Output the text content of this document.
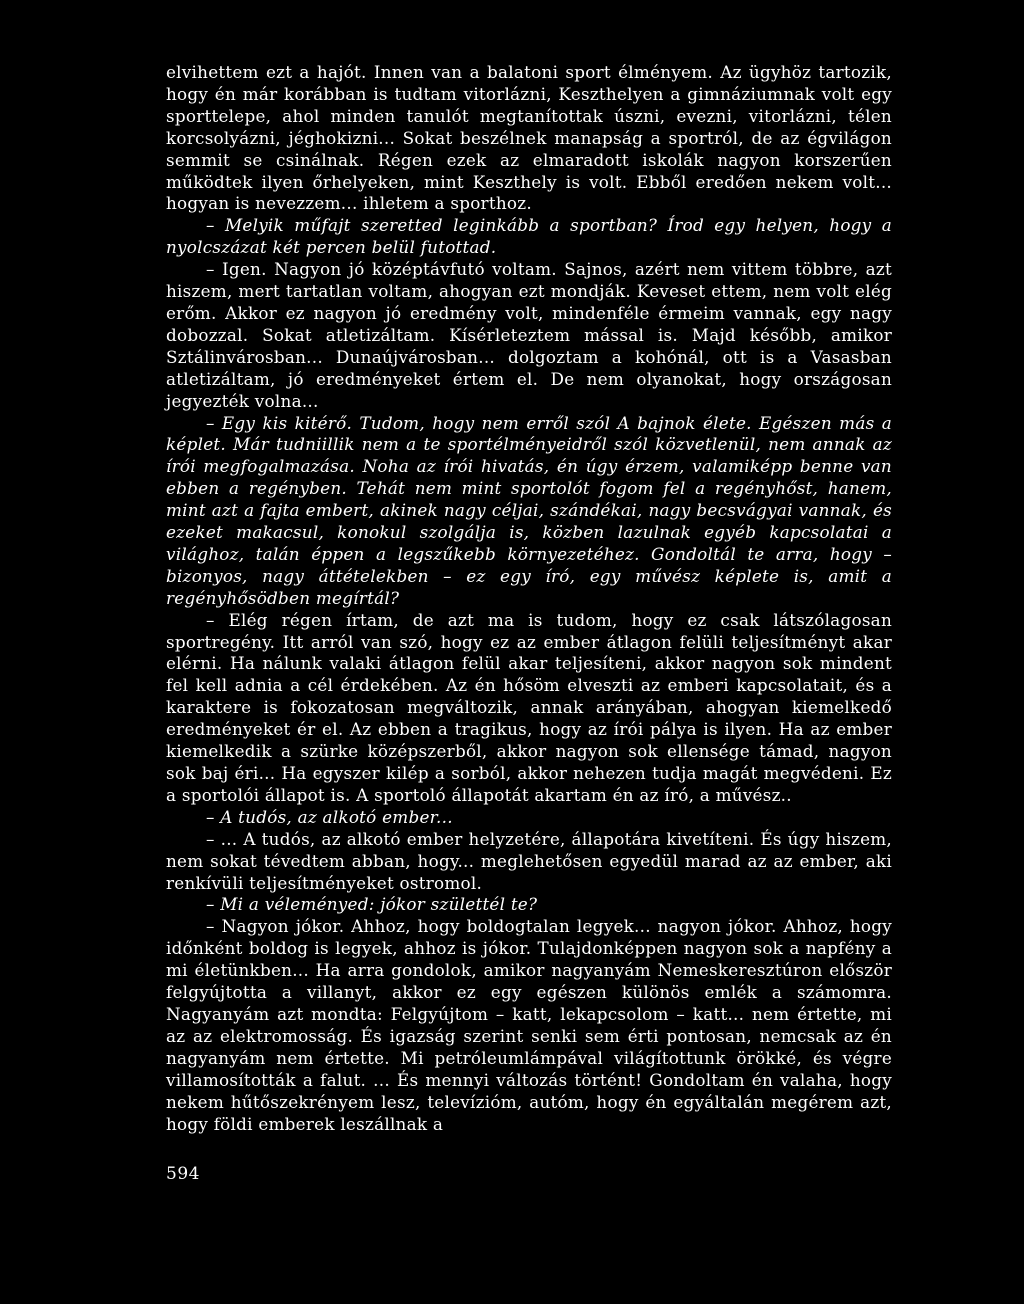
elvihettem ezt a hajót. Innen van a balatoni sport élményem. Az ügyhöz tartozik, hogy én már korábban is tudtam vitorlázni, Keszthelyen a gimnáziumnak volt egy sporttelepe, ahol minden tanulót megtanítottak úszni, evezni, vitorlázni, télen korcsolyázni, jéghokizni... Sokat beszélnek manapság a sportról, de az égvilágon semmit se csinálnak. Régen ezek az elmaradott iskolák nagyon korszerűen működtek ilyen őrhelyeken, mint Keszthely is volt. Ebből eredően nekem volt... hogyan is nevezzem... ihletem a sporthoz.

– Melyik műfajt szeretted leginkább a sportban? Írod egy helyen, hogy a nyolcszázat két percen belül futottad.

– Igen. Nagyon jó középtávfutó voltam. Sajnos, azért nem vittem többre, azt hiszem, mert tartatlan voltam, ahogyan ezt mondják. Keveset ettem, nem volt elég erőm. Akkor ez nagyon jó eredmény volt, mindenféle érmeim vannak, egy nagy dobozzal. Sokat atletizáltam. Kísérleteztem mással is. Majd később, amikor Sztálinvárosban... Dunaújvárosban... dolgoztam a kohónál, ott is a Vasasban atletizáltam, jó eredményeket értem el. De nem olyanokat, hogy országosan jegyezték volna...

– Egy kis kitérő. Tudom, hogy nem erről szól A bajnok élete. Egészen más a képlet. Már tudniillik nem a te sportélményeidről szól közvetlenül, nem annak az írói megfogalmazása. Noha az írói hivatás, én úgy érzem, valamiképp benne van ebben a regényben. Tehát nem mint sportolót fogom fel a regényhőst, hanem, mint azt a fajta embert, akinek nagy céljai, szándékai, nagy becsvágyai vannak, és ezeket makacsul, konokul szolgálja is, közben lazulnak egyéb kapcsolatai a világhoz, talán éppen a legszűkebb környezetéhez. Gondoltál te arra, hogy – bizonyos, nagy áttételekben – ez egy író, egy művész képlete is, amit a regényhősödben megírtál?

– Elég régen írtam, de azt ma is tudom, hogy ez csak látszólagosan sportregény. Itt arról van szó, hogy ez az ember átlagon felüli teljesítményt akar elérni. Ha nálunk valaki átlagon felül akar teljesíteni, akkor nagyon sok mindent fel kell adnia a cél érdekében. Az én hősöm elveszti az emberi kapcsolatait, és a karaktere is fokozatosan megváltozik, annak arányában, ahogyan kiemelkedő eredményeket ér el. Az ebben a tragikus, hogy az írói pálya is ilyen. Ha az ember kiemelkedik a szürke középszerből, akkor nagyon sok ellensége támad, nagyon sok baj éri... Ha egyszer kilép a sorból, akkor nehezen tudja magát megvédeni. Ez a sportolói állapot is. A sportoló állapotát akartam én az író, a művész..

– A tudós, az alkotó ember...

– ... A tudós, az alkotó ember helyzetére, állapotára kivetíteni. És úgy hiszem, nem sokat tévedtem abban, hogy... meglehetősen egyedül marad az az ember, aki renkívüli teljesítményeket ostromol.

– Mi a véleményed: jókor születtél te?

– Nagyon jókor. Ahhoz, hogy boldogtalan legyek... nagyon jókor. Ahhoz, hogy időnként boldog is legyek, ahhoz is jókor. Tulajdonképpen nagyon sok a napfény a mi életünkben... Ha arra gondolok, amikor nagyanyám Nemeskeresztúron először felgyújtotta a villanyt, akkor ez egy egészen különös emlék a számomra. Nagyanyám azt mondta: Felgyújtom – katt, lekapcsolom – katt... nem értette, mi az az elektromosság. És igazság szerint senki sem érti pontosan, nemcsak az én nagyanyám nem értette. Mi petróleumlámpával világítottunk örökké, és végre villamosították a falut. ... És mennyi változás történt! Gondoltam én valaha, hogy nekem hűtőszekrényem lesz, televízióm, autóm, hogy én egyáltalán megérem azt, hogy földi emberek leszállnak a

594
